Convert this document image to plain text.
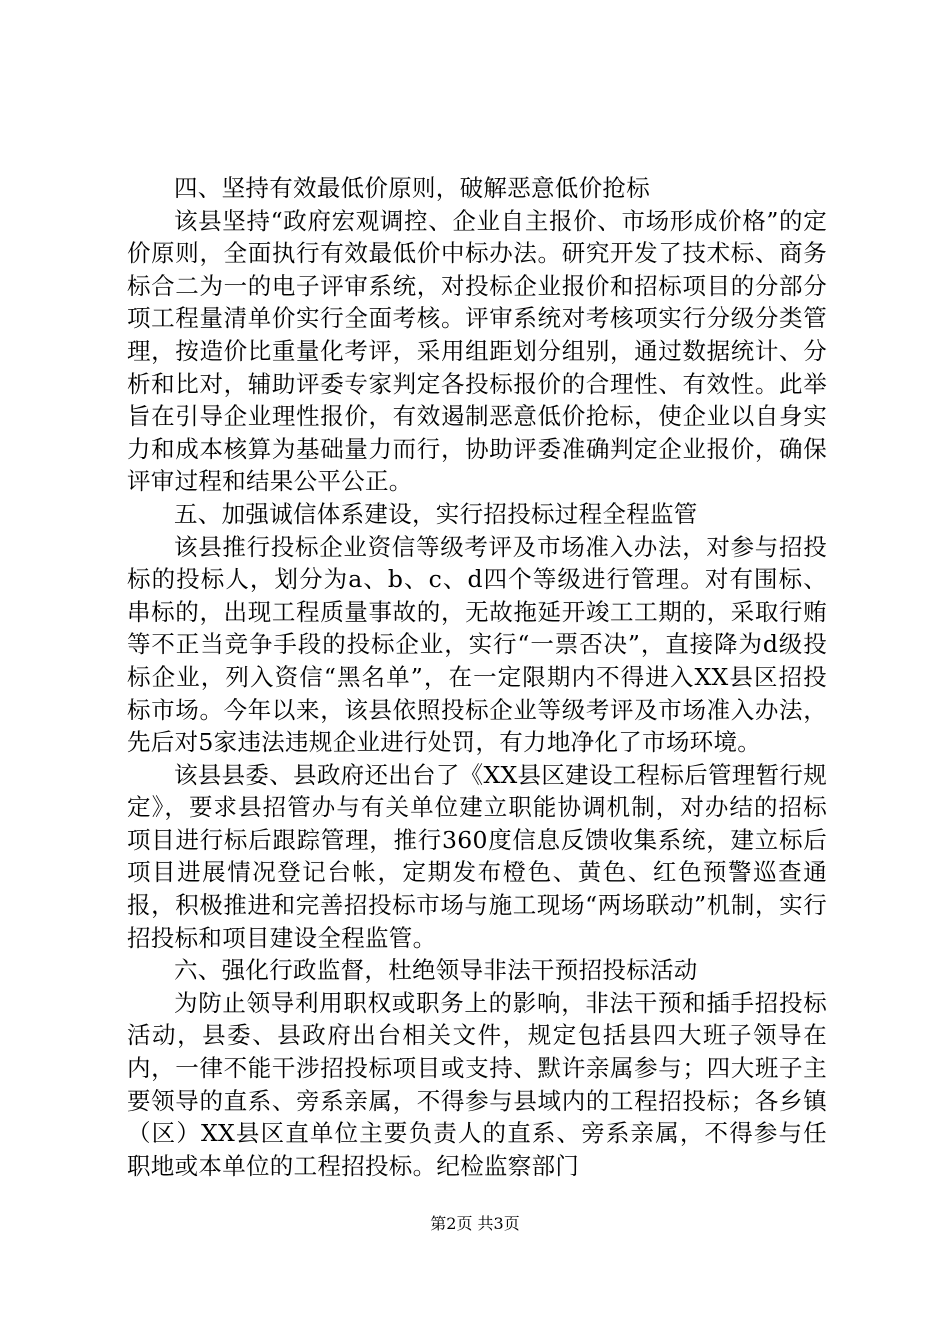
四、坚持有效最低价原则，破解恶意低价抢标

该县坚持“政府宏观调控、企业自主报价、市场形成价格”的定价原则，全面执行有效最低价中标办法。研究开发了技术标、商务标合二为一的电子评审系统，对投标企业报价和招标项目的分部分项工程量清单价实行全面考核。评审系统对考核项实行分级分类管理，按造价比重量化考评，采用组距划分组别，通过数据统计、分析和比对，辅助评委专家判定各投标报价的合理性、有效性。此举旨在引导企业理性报价，有效遏制恶意低价抢标，使企业以自身实力和成本核算为基础量力而行，协助评委准确判定企业报价，确保评审过程和结果公平公正。

五、加强诚信体系建设，实行招投标过程全程监管

该县推行投标企业资信等级考评及市场准入办法，对参与招投标的投标人，划分为a、b、c、d四个等级进行管理。对有围标、串标的，出现工程质量事故的，无故拖延开竣工工期的，采取行贿等不正当竞争手段的投标企业，实行“一票否决”，直接降为d级投标企业，列入资信“黑名单”，在一定限期内不得进入XX县区招投标市场。今年以来，该县依照投标企业等级考评及市场准入办法，先后对5家违法违规企业进行处罚，有力地净化了市场环境。

该县县委、县政府还出台了《XX县区建设工程标后管理暂行规定》，要求县招管办与有关单位建立职能协调机制，对办结的招标项目进行标后跟踪管理，推行360度信息反馈收集系统，建立标后项目进展情况登记台帐，定期发布橙色、黄色、红色预警巡查通报，积极推进和完善招投标市场与施工现场“两场联动”机制，实行招投标和项目建设全程监管。

六、强化行政监督，杜绝领导非法干预招投标活动

为防止领导利用职权或职务上的影响，非法干预和插手招投标活动，县委、县政府出台相关文件，规定包括县四大班子领导在内，一律不能干涉招投标项目或支持、默许亲属参与；四大班子主要领导的直系、旁系亲属，不得参与县域内的工程招投标；各乡镇（区）XX县区直单位主要负责人的直系、旁系亲属，不得参与任职地或本单位的工程招投标。纪检监察部门

第2页 共3页
